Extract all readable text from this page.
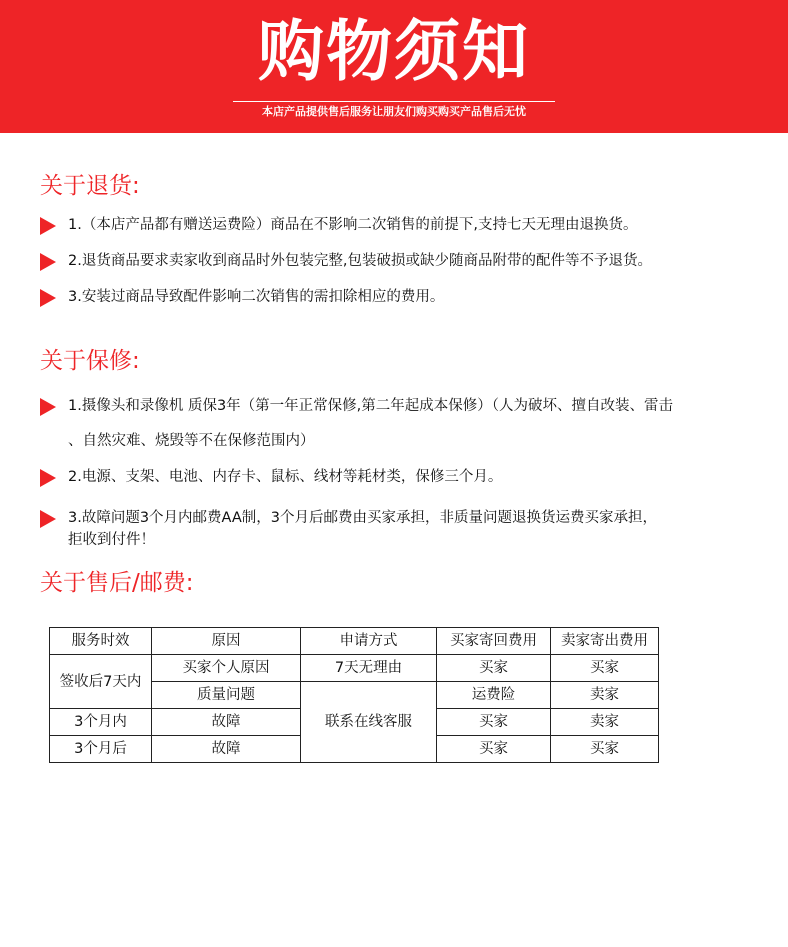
购物须知
本店产品提供售后服务让朋友们购买购买产品售后无忧
关于退货:
1.（本店产品都有赠送运费险）商品在不影响二次销售的前提下,支持七天无理由退换货。
2.退货商品要求卖家收到商品时外包装完整,包装破损或缺少随商品附带的配件等不予退货。
3.安装过商品导致配件影响二次销售的需扣除相应的费用。
关于保修:
1.摄像头和录像机 质保3年（第一年正常保修,第二年起成本保修）（人为破坏、擅自改装、雷击
、自然灾难、烧毁等不在保修范围内）
2.电源、支架、电池、内存卡、鼠标、线材等耗材类，保修三个月。
3.故障问题3个月内邮费AA制，3个月后邮费由买家承担，非质量问题退换货运费买家承担，
拒收到付件！
关于售后/邮费:
服务时效	原因	申请方式	买家寄回费用	卖家寄出费用
签收后7天内	买家个人原因	7天无理由	买家	买家
	质量问题	联系在线客服	运费险	卖家
3个月内	故障		买家	卖家
3个月后	故障		买家	买家
